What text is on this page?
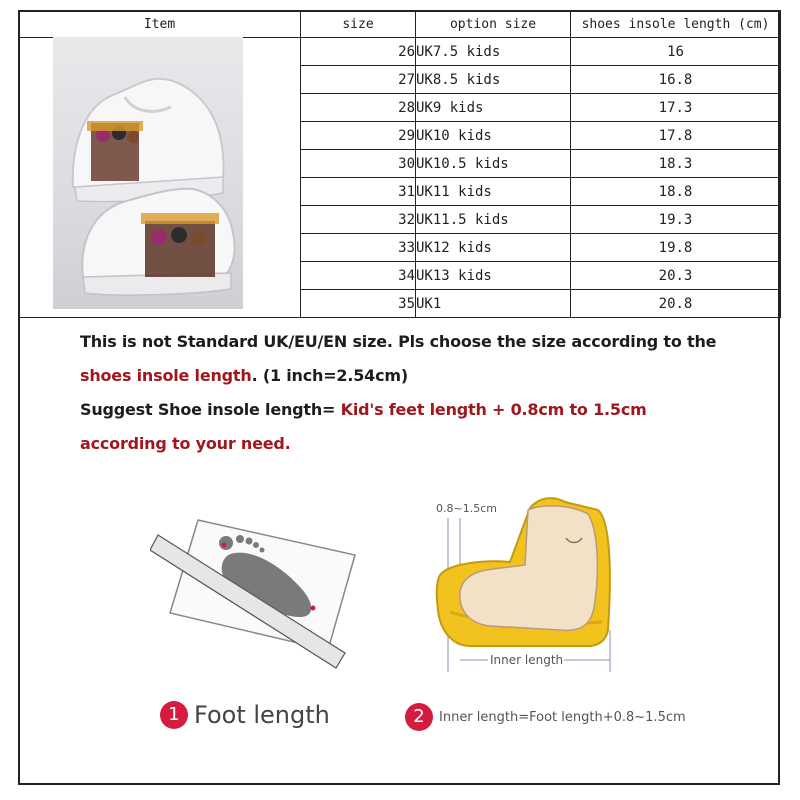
Item	size	option size	shoes insole length (cm)
	26	UK7.5 kids	16
	27	UK8.5 kids	16.8
	28	UK9 kids	17.3
	29	UK10 kids	17.8
	30	UK10.5 kids	18.3
	31	UK11 kids	18.8
	32	UK11.5 kids	19.3
	33	UK12 kids	19.8
	34	UK13 kids	20.3
	35	UK1	20.8
This is not Standard UK/EU/EN size. Pls choose the size according to the shoes insole length. (1 inch=2.54cm)
Suggest Shoe insole length= Kid's feet length + 0.8cm to 1.5cm according to your need.
0.8~1.5cm
Inner length
1 Foot length	2 Inner length=Foot length+0.8~1.5cm
